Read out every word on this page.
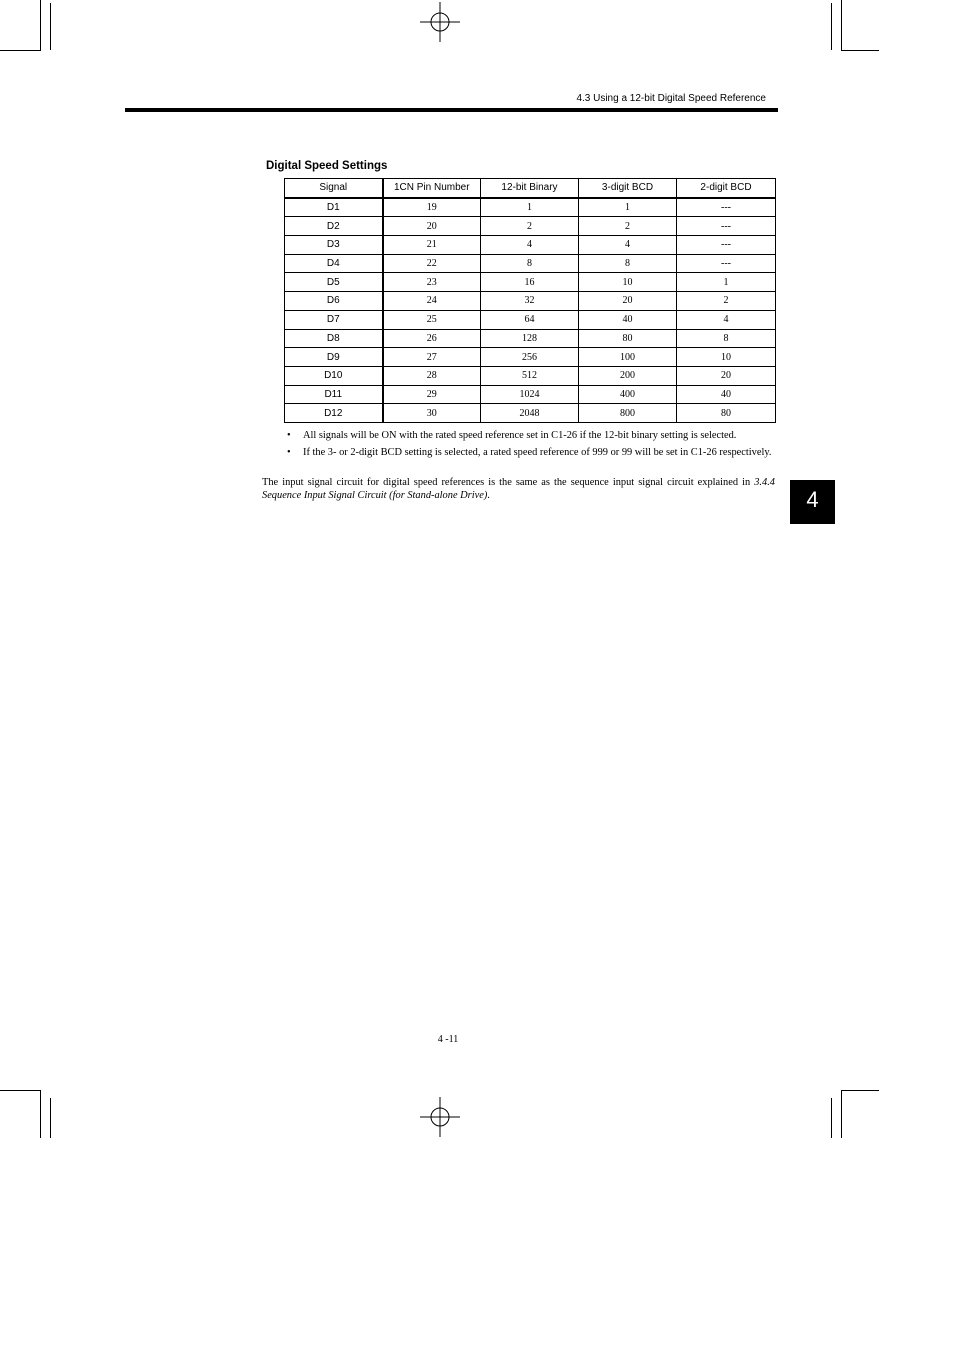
4.3 Using a 12-bit Digital Speed Reference
Digital Speed Settings
Signal	1CN Pin Number	12-bit Binary	3-digit BCD	2-digit BCD
D1	19	1	1	---
D2	20	2	2	---
D3	21	4	4	---
D4	22	8	8	---
D5	23	16	10	1
D6	24	32	20	2
D7	25	64	40	4
D8	26	128	80	8
D9	27	256	100	10
D10	28	512	200	20
D11	29	1024	400	40
D12	30	2048	800	80
• All signals will be ON with the rated speed reference set in C1-26 if the 12-bit binary setting is selected.
• If the 3- or 2-digit BCD setting is selected, a rated speed reference of 999 or 99 will be set in C1-26 respectively.
The input signal circuit for digital speed references is the same as the sequence input signal circuit explained in 3.4.4 Sequence Input Signal Circuit (for Stand-alone Drive).	4
4 -11
